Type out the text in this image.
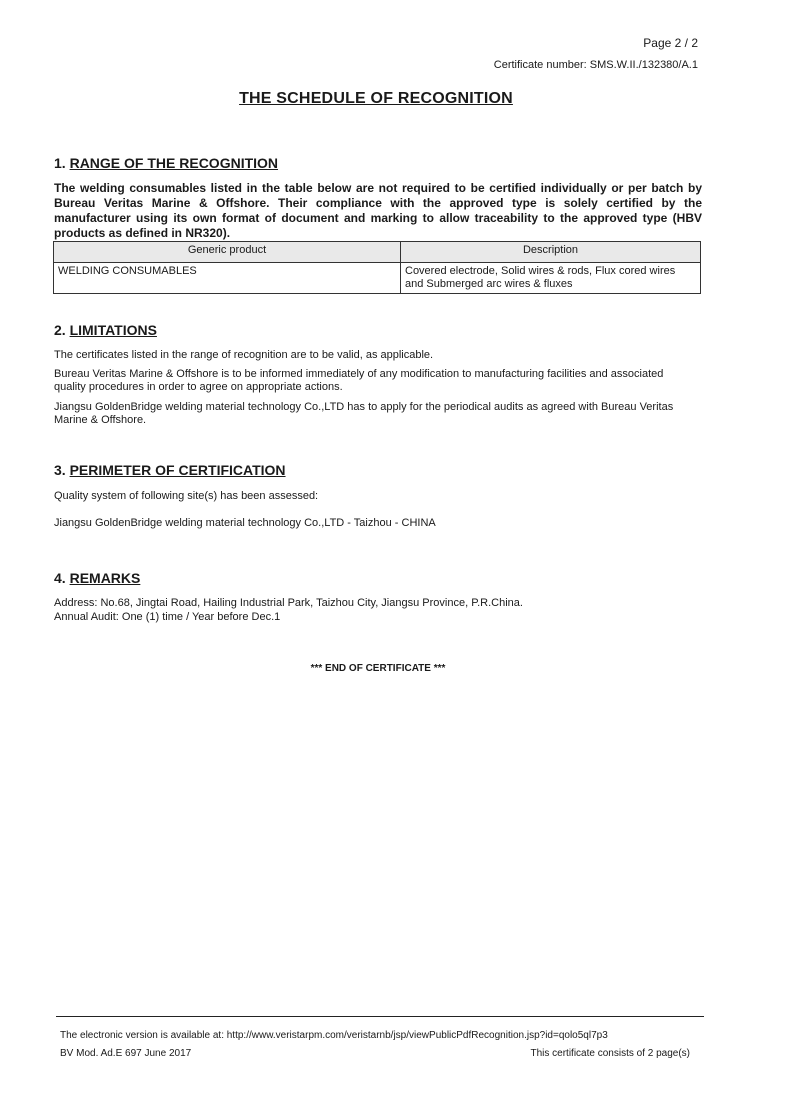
Page 2 / 2
Certificate number: SMS.W.II./132380/A.1
THE SCHEDULE OF RECOGNITION
1. RANGE OF THE RECOGNITION
The welding consumables listed in the table below are not required to be certified individually or per batch by Bureau Veritas Marine & Offshore. Their compliance with the approved type is solely certified by the manufacturer using its own format of document and marking to allow traceability to the approved type (HBV products as defined in NR320).
Generic product	Description
WELDING CONSUMABLES	Covered electrode, Solid wires & rods, Flux cored wires and Submerged arc wires & fluxes
2. LIMITATIONS
The certificates listed in the range of recognition are to be valid, as applicable.
Bureau Veritas Marine & Offshore is to be informed immediately of any modification to manufacturing facilities and associated quality procedures in order to agree on appropriate actions.
Jiangsu GoldenBridge welding material technology Co.,LTD has to apply for the periodical audits as agreed with Bureau Veritas Marine & Offshore.
3. PERIMETER OF CERTIFICATION
Quality system of following site(s) has been assessed:
Jiangsu GoldenBridge welding material technology Co.,LTD - Taizhou - CHINA
4. REMARKS
Address: No.68, Jingtai Road, Hailing Industrial Park, Taizhou City, Jiangsu Province, P.R.China.
Annual Audit: One (1) time / Year before Dec.1
*** END OF CERTIFICATE ***
The electronic version is available at: http://www.veristarpm.com/veristarnb/jsp/viewPublicPdfRecognition.jsp?id=qolo5ql7p3
BV Mod. Ad.E 697 June 2017	This certificate consists of 2 page(s)
